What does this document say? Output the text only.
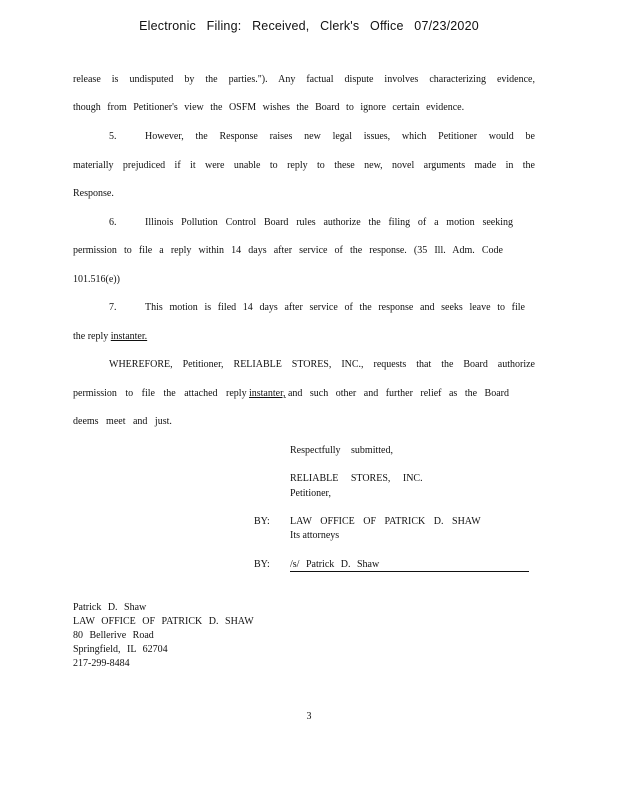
Electronic Filing: Received, Clerk's Office 07/23/2020
release is undisputed by the parties."). Any factual dispute involves characterizing evidence,
though from Petitioner's view the OSFM wishes the Board to ignore certain evidence.
5.	However, the Response raises new legal issues, which Petitioner would be
materially prejudiced if it were unable to reply to these new, novel arguments made in the
Response.
6.	Illinois Pollution Control Board rules authorize the filing of a motion seeking
permission to file a reply within 14 days after service of the response. (35 Ill. Adm. Code
101.516(e))
7.	This motion is filed 14 days after service of the response and seeks leave to file
the reply instanter.
WHEREFORE, Petitioner, RELIABLE STORES, INC., requests that the Board authorize
permission to file the attached reply instanter, and such other and further relief as the Board
deems meet and just.
Respectfully submitted,
RELIABLE STORES, INC.
Petitioner,
BY: LAW OFFICE OF PATRICK D. SHAW
Its attorneys
BY: /s/ Patrick D. Shaw
Patrick D. Shaw
LAW OFFICE OF PATRICK D. SHAW
80 Bellerive Road
Springfield, IL 62704
217-299-8484
3
